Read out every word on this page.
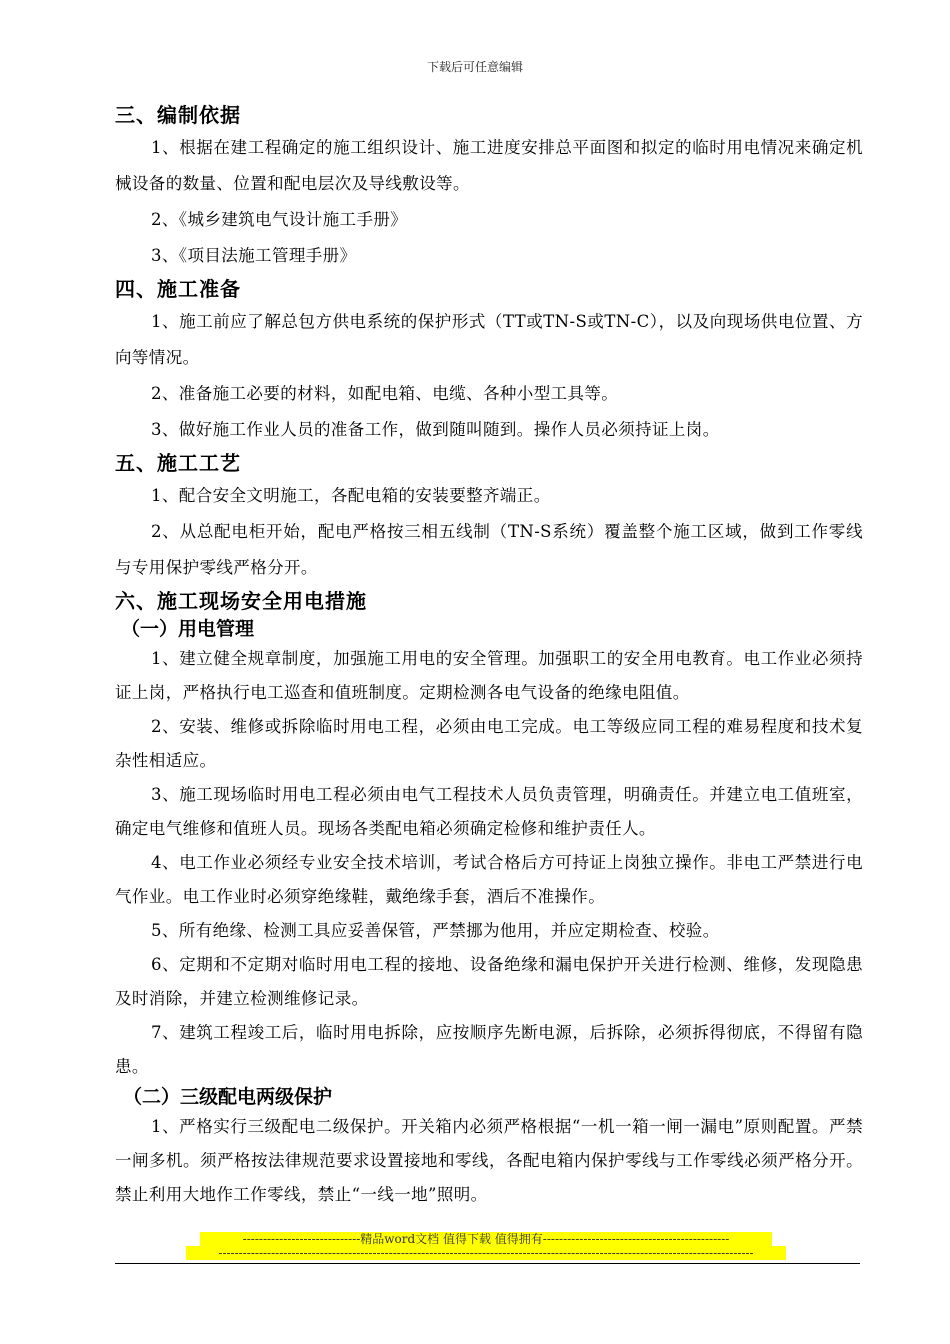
下载后可任意编辑
三、编制依据

1、根据在建工程确定的施工组织设计、施工进度安排总平面图和拟定的临时用电情况来确定机械设备的数量、位置和配电层次及导线敷设等。

2、《城乡建筑电气设计施工手册》

3、《项目法施工管理手册》

四、施工准备

1、施工前应了解总包方供电系统的保护形式（TT或TN-S或TN-C），以及向现场供电位置、方向等情况。

2、准备施工必要的材料，如配电箱、电缆、各种小型工具等。

3、做好施工作业人员的准备工作，做到随叫随到。操作人员必须持证上岗。

五、施工工艺

1、配合安全文明施工，各配电箱的安装要整齐端正。

2、从总配电柜开始，配电严格按三相五线制（TN-S系统）覆盖整个施工区域，做到工作零线与专用保护零线严格分开。

六、施工现场安全用电措施
（一）用电管理

1、建立健全规章制度，加强施工用电的安全管理。加强职工的安全用电教育。电工作业必须持证上岗，严格执行电工巡查和值班制度。定期检测各电气设备的绝缘电阻值。

2、安装、维修或拆除临时用电工程，必须由电工完成。电工等级应同工程的难易程度和技术复杂性相适应。

3、施工现场临时用电工程必须由电气工程技术人员负责管理，明确责任。并建立电工值班室，确定电气维修和值班人员。现场各类配电箱必须确定检修和维护责任人。

4、电工作业必须经专业安全技术培训，考试合格后方可持证上岗独立操作。非电工严禁进行电气作业。电工作业时必须穿绝缘鞋，戴绝缘手套，酒后不准操作。

5、所有绝缘、检测工具应妥善保管，严禁挪为他用，并应定期检查、校验。

6、定期和不定期对临时用电工程的接地、设备绝缘和漏电保护开关进行检测、维修，发现隐患及时消除，并建立检测维修记录。

7、建筑工程竣工后，临时用电拆除，应按顺序先断电源，后拆除，必须拆得彻底，不得留有隐患。

（二）三级配电两级保护

1、严格实行三级配电二级保护。开关箱内必须严格根据“一机一箱一闸一漏电”原则配置。严禁一闸多机。须严格按法律规范要求设置接地和零线，各配电箱内保护零线与工作零线必须严格分开。禁止利用大地作工作零线，禁止“一线一地”照明。

-----------------------------精品word文档 值得下载 值得拥有----------------------------------------------
------------------------------------------------------------------------------------------------------------------------------------
